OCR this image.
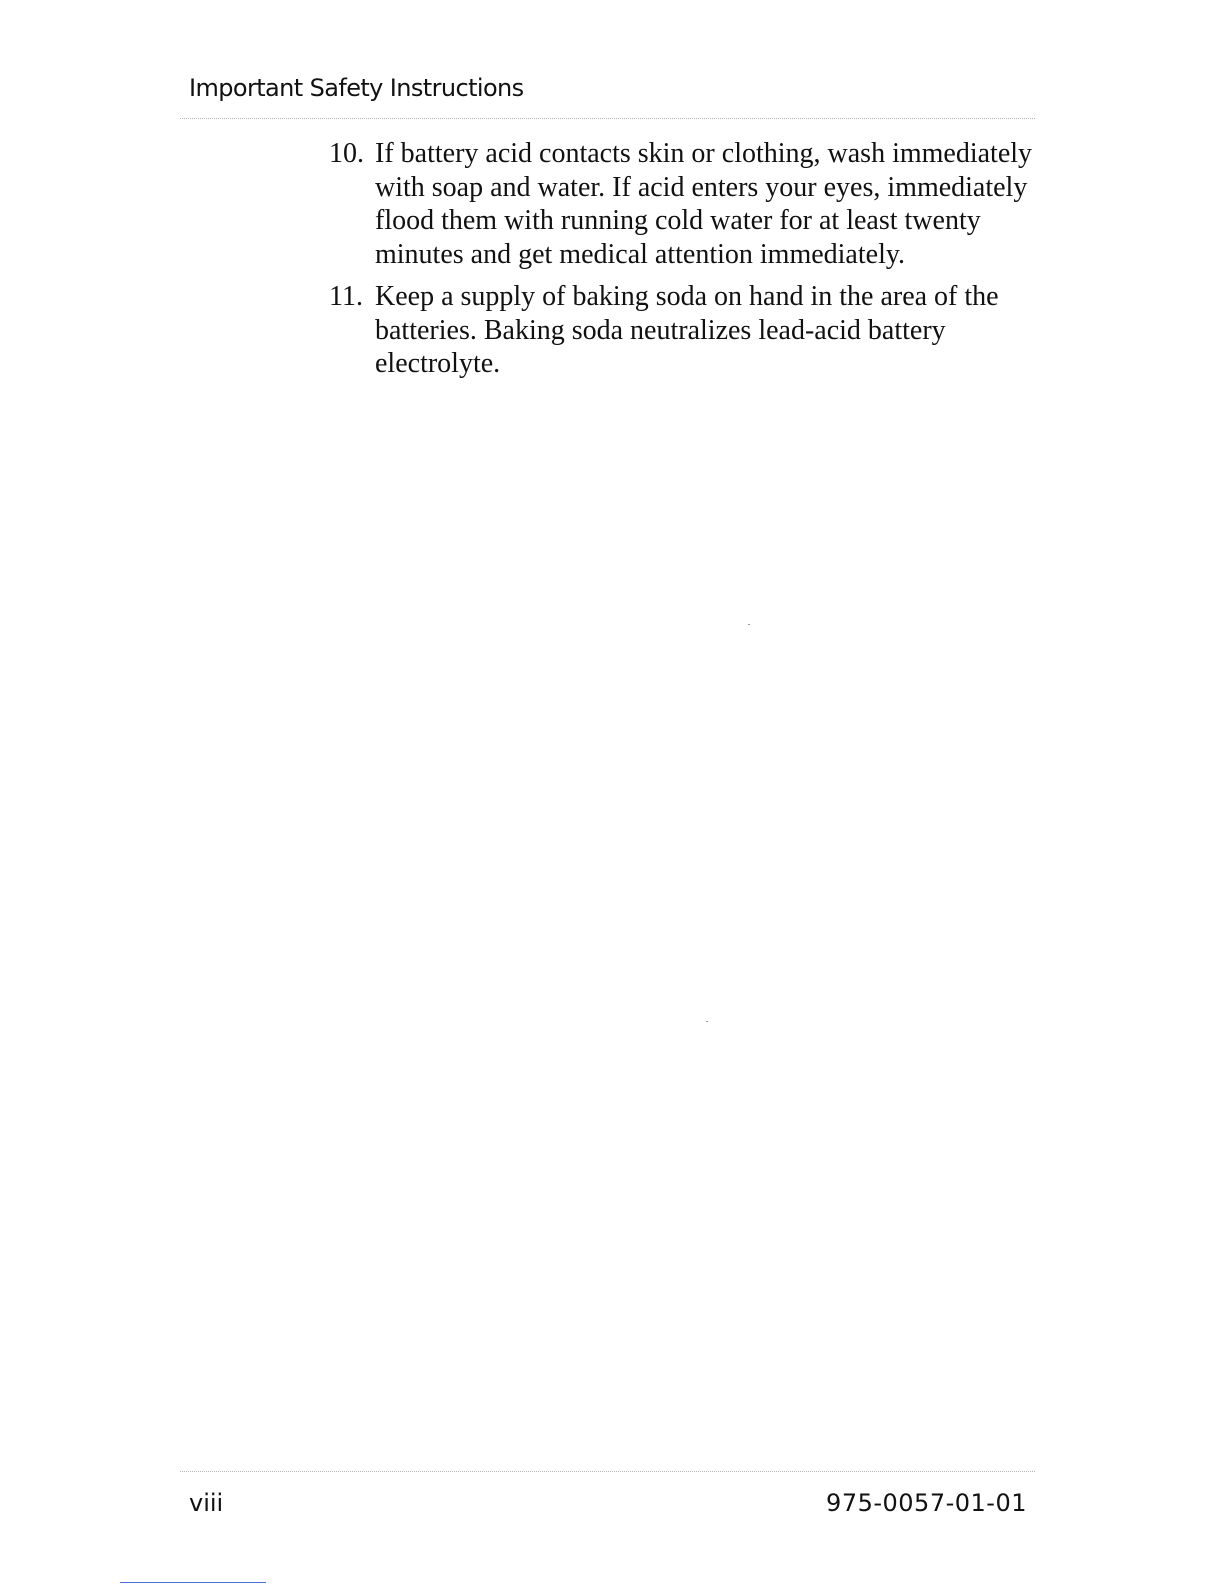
Important Safety Instructions
10. If battery acid contacts skin or clothing, wash immediately with soap and water. If acid enters your eyes, immediately flood them with running cold water for at least twenty minutes and get medical attention immediately.
11. Keep a supply of baking soda on hand in the area of the batteries. Baking soda neutralizes lead-acid battery electrolyte.
viii	975-0057-01-01
